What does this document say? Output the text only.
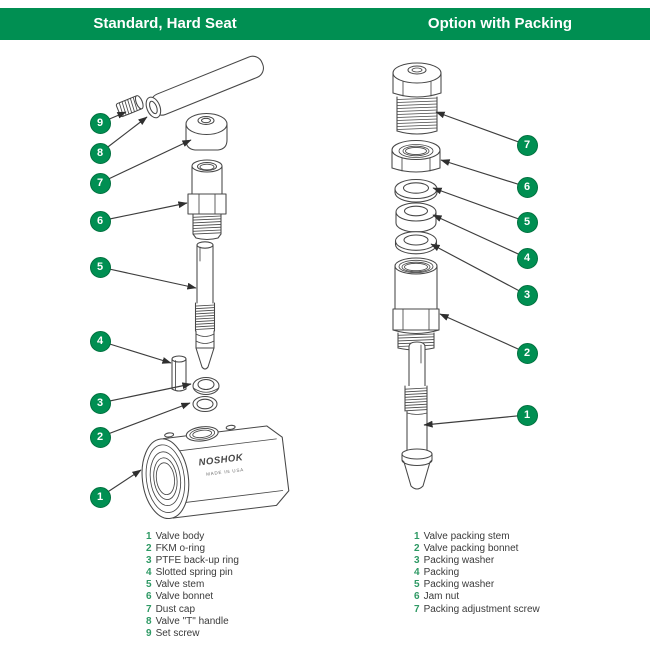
Standard, Hard Seat	Option with Packing
NOSHOK
MADE IN USA
9
8
7
6
5
4
3
2
1
7
6
5
4
3
2
1
1 Valve body
2 FKM o-ring
3 PTFE back-up ring
4 Slotted spring pin
5 Valve stem
6 Valve bonnet
7 Dust cap
8 Valve "T" handle
9 Set screw
1 Valve packing stem
2 Valve packing bonnet
3 Packing washer
4 Packing
5 Packing washer
6 Jam nut
7 Packing adjustment screw
